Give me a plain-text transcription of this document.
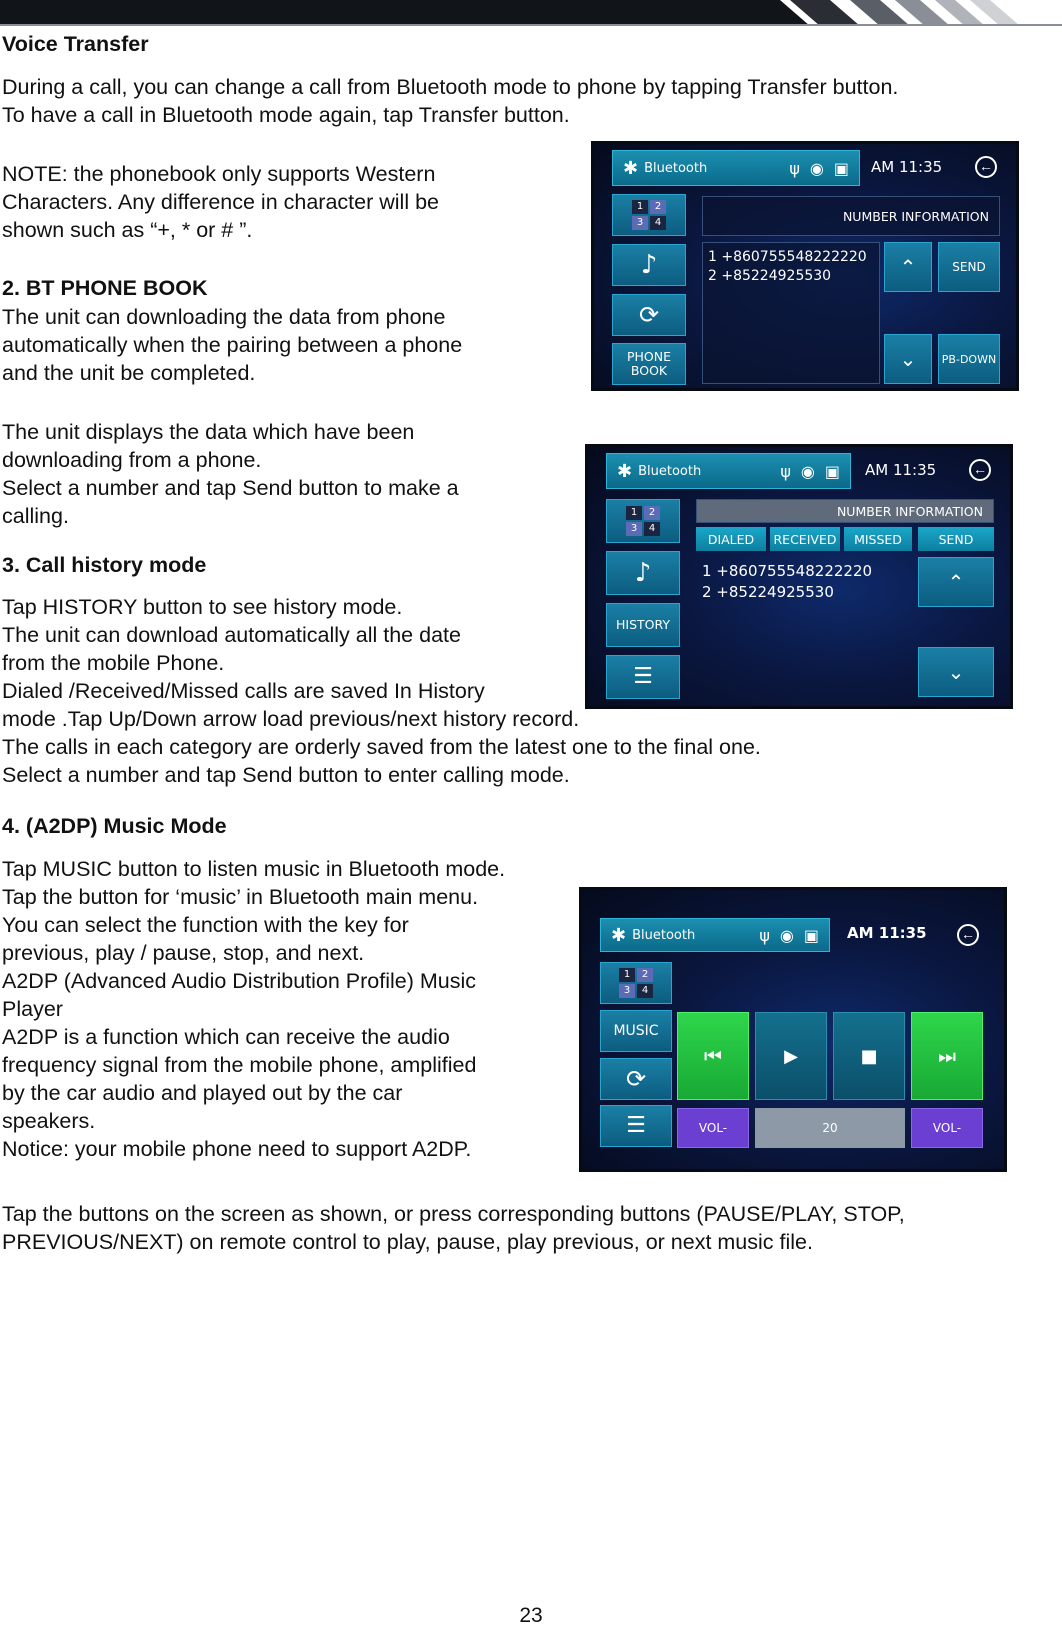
Voice Transfer
During a call, you can change a call from Bluetooth mode to phone by tapping Transfer button.
To have a call in Bluetooth mode again, tap Transfer button.
NOTE: the phonebook only supports Western
Characters. Any difference in character will be
shown such as “+, * or # ”.
2. BT PHONE BOOK
The unit can downloading the data from phone
automatically when the pairing between a phone
and the unit be completed.
The unit displays the data which have been
downloading from a phone.
Select a number and tap Send button to make a
calling.
3. Call history mode
Tap HISTORY button to see history mode.
The unit can download automatically all the date
from the mobile Phone.
Dialed /Received/Missed calls are saved In History
mode .Tap Up/Down arrow load previous/next history record.
The calls in each category are orderly saved from the latest one to the final one.
Select a number and tap Send button to enter calling mode.
4. (A2DP) Music Mode
Tap MUSIC button to listen music in Bluetooth mode.
Tap the button for ‘music’ in Bluetooth main menu.
You can select the function with the key for
previous, play / pause, stop, and next.
A2DP (Advanced Audio Distribution Profile) Music
Player
A2DP is a function which can receive the audio
frequency signal from the mobile phone, amplified
by the car audio and played out by the car
speakers.
Notice: your mobile phone need to support A2DP.
Tap the buttons on the screen as shown, or press corresponding buttons (PAUSE/PLAY, STOP,
PREVIOUS/NEXT) on remote control to play, pause, play previous, or next music file.
✱ Bluetooth	ψ ◉ ▣ AM 11:35	←
1	2
3	4
♪
⟳
PHONE
BOOK
NUMBER INFORMATION
1 +860755548222220
2 +85224925530	⌃	SEND
⌄ PB-DOWN
✱ Bluetooth	ψ ◉ ▣ AM 11:35	←
1	2
3	4
♪
HISTORY
☰
NUMBER INFORMATION
DIALED RECEIVED MISSED	SEND
1 +860755548222220
2 +85224925530	⌃
⌄
✱ Bluetooth	ψ ◉ ▣ AM 11:35 ←
1	2
3	4
MUSIC
⟳
☰
⏮	▶	■	⏭
VOL-	20	VOL-
23
